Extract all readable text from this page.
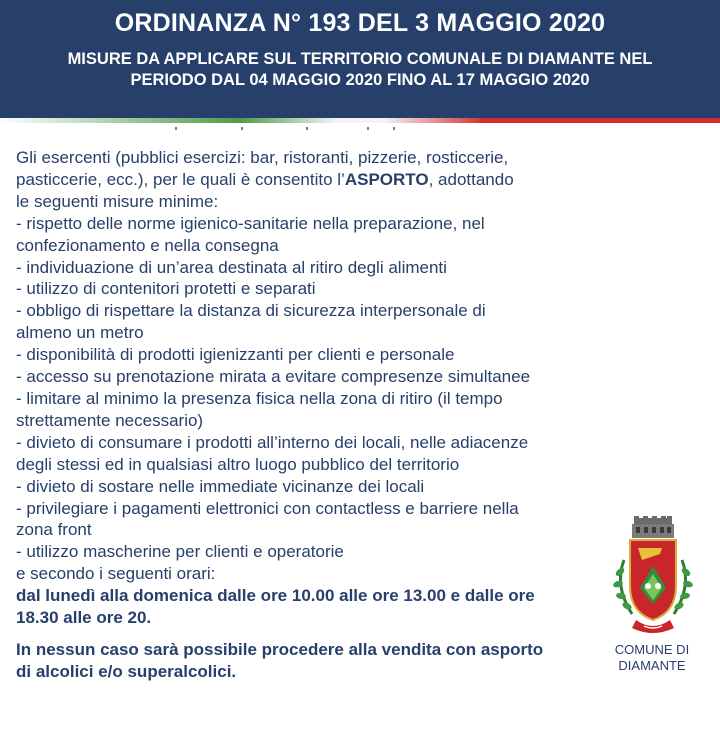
ORDINANZA N° 193 DEL 3 MAGGIO 2020
MISURE DA APPLICARE SUL TERRITORIO COMUNALE DI DIAMANTE NEL
PERIODO DAL 04 MAGGIO 2020 FINO AL 17 MAGGIO 2020

Gli esercenti (pubblici esercizi: bar, ristoranti, pizzerie, rosticcerie,

pasticcerie, ecc.), per le quali è consentito l’ASPORTO, adottando

le seguenti misure minime:

- rispetto delle norme igienico-sanitarie nella preparazione, nel

confezionamento e nella consegna

- individuazione di un’area destinata al ritiro degli alimenti

- utilizzo di contenitori protetti e separati

- obbligo di rispettare la distanza di sicurezza interpersonale di

almeno un metro

- disponibilità di prodotti igienizzanti per clienti e personale

- accesso su prenotazione mirata a evitare compresenze simultanee

- limitare al minimo la presenza fisica nella zona di ritiro (il tempo

strettamente necessario)

- divieto di consumare i prodotti all’interno dei locali, nelle adiacenze

degli stessi ed in qualsiasi altro luogo pubblico del territorio

- divieto di sostare nelle immediate vicinanze dei locali

- privilegiare i pagamenti elettronici con contactless e barriere nella

zona front

- utilizzo mascherine per clienti e operatorie

e secondo i seguenti orari:

dal lunedì alla domenica dalle ore 10.00 alle ore 13.00 e dalle ore

18.30 alle ore 20.

In nessun caso sarà possibile procedere alla vendita con asporto

di alcolici e/o superalcolici.

COMUNE DI
DIAMANTE
